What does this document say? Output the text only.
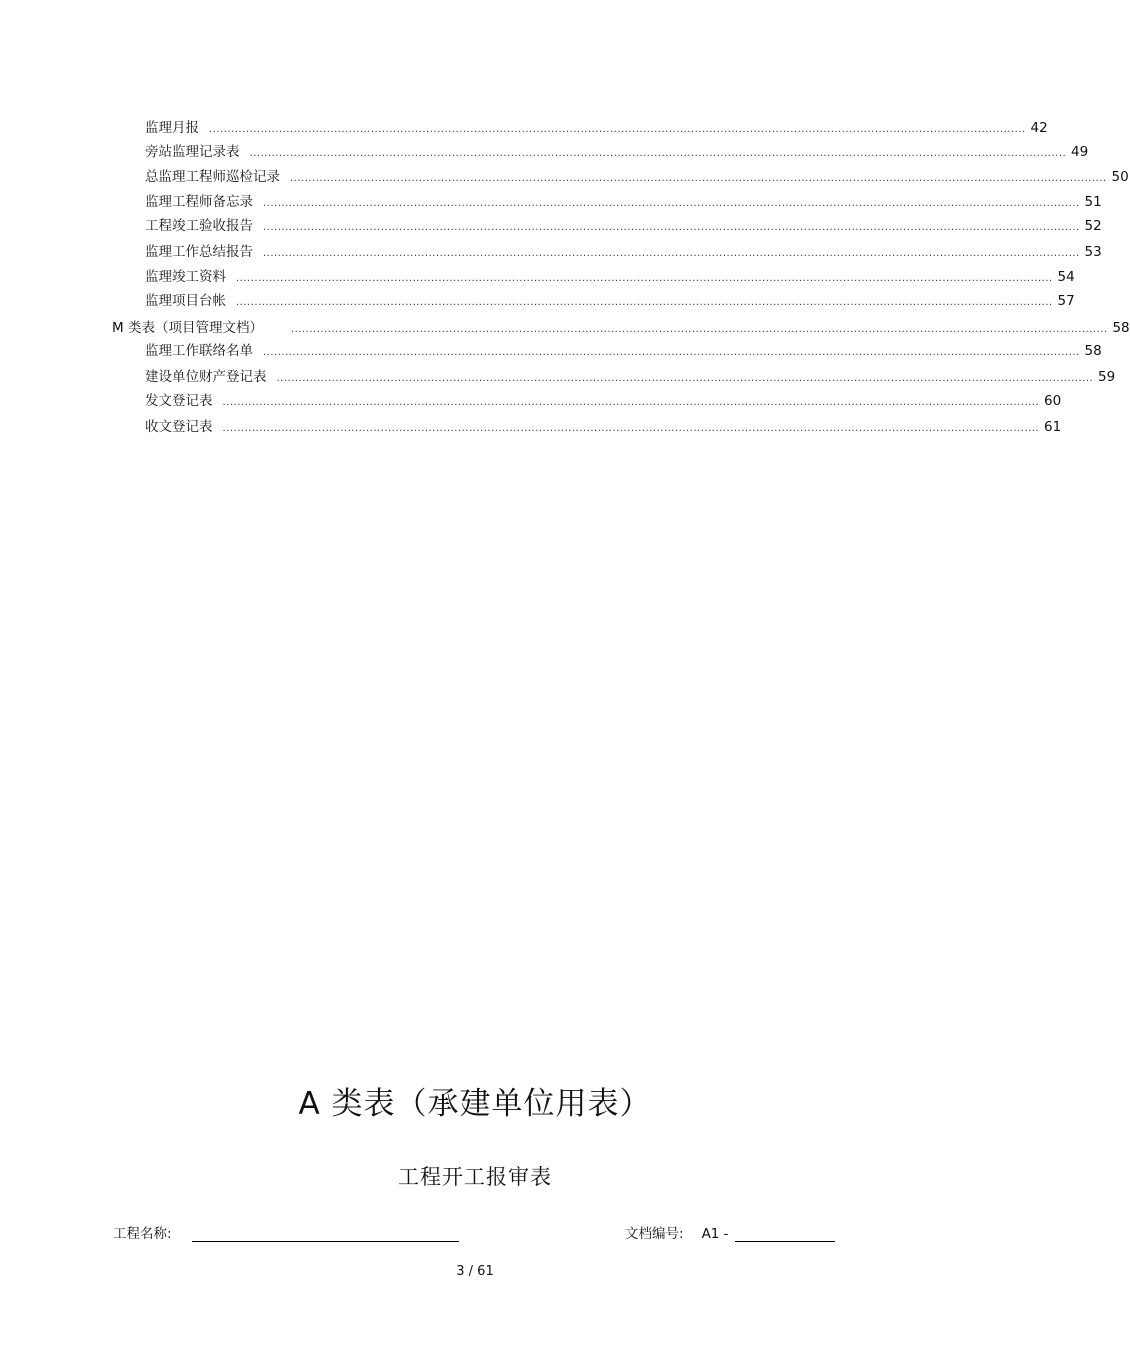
监理月报 .............................................................................................................................................................................................................................. 42
旁站监理记录表 .............................................................................................................................................................................................................................. 49
总监理工程师巡检记录 .............................................................................................................................................................................................................................. 50
监理工程师备忘录 .............................................................................................................................................................................................................................. 51
工程竣工验收报告 .............................................................................................................................................................................................................................. 52
监理工作总结报告 .............................................................................................................................................................................................................................. 53
监理竣工资料 .............................................................................................................................................................................................................................. 54
监理项目台帐 .............................................................................................................................................................................................................................. 57
M 类表（项目管理文档）	.............................................................................................................................................................................................................................. 58
监理工作联络名单 .............................................................................................................................................................................................................................. 58
建设单位财产登记表 .............................................................................................................................................................................................................................. 59
发文登记表 .............................................................................................................................................................................................................................. 60
收文登记表 .............................................................................................................................................................................................................................. 61
A 类表（承建单位用表）
工程开工报审表
工程名称:	文档编号: A1 -
3 / 61
